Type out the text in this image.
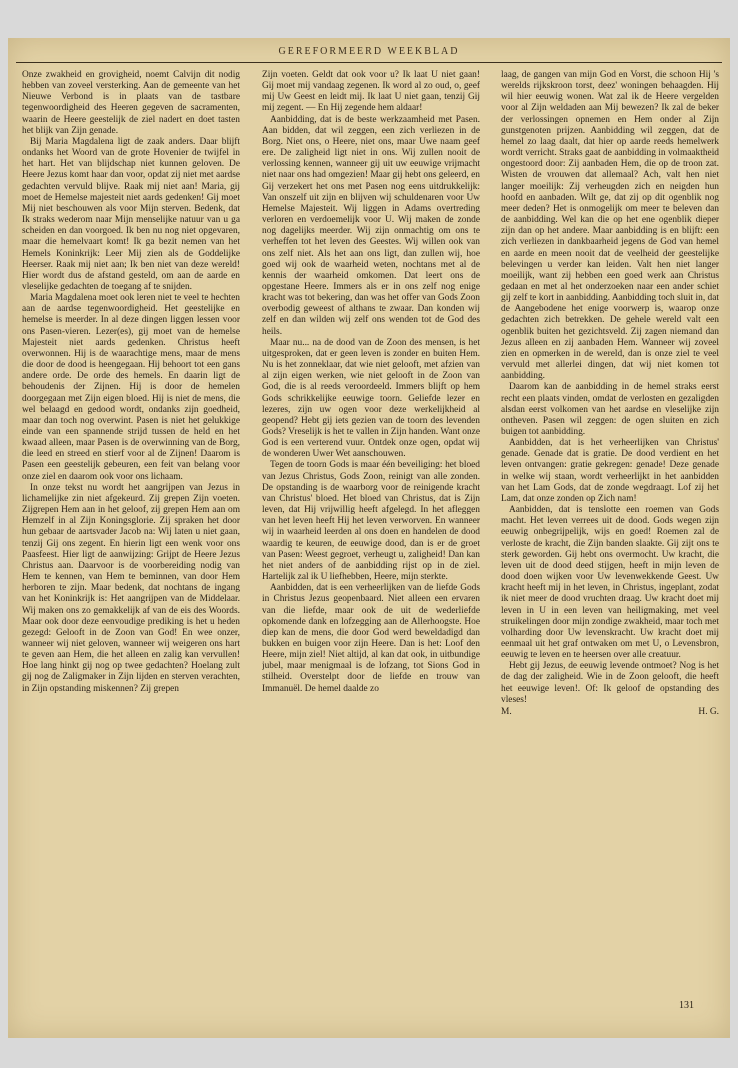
GEREFORMEERD WEEKBLAD

Onze zwakheid en grovigheid, noemt Calvijn dit nodig hebben van zoveel versterking. Aan de gemeente van het Nieuwe Verbond is in plaats van de tastbare tegenwoordigheid des Heeren gegeven de sacramenten, waarin de Heere geestelijk de ziel nadert en doet tasten het blijk van Zijn genade.

Bij Maria Magdalena ligt de zaak anders. Daar blijft ondanks het Woord van de grote Hovenier de twijfel in het hart. Het van blijdschap niet kunnen geloven. De Heere Jezus komt haar dan voor, opdat zij niet met aardse gedachten vervuld blijve. Raak mij niet aan! Maria, gij moet de Hemelse majesteit niet aards gedenken! Gij moet Mij niet beschouwen als voor Mijn sterven. Bedenk, dat Ik straks wederom naar Mijn menselijke natuur van u ga scheiden en dan voorgoed. Ik ben nu nog niet opgevaren, maar die hemelvaart komt! Ik ga bezit nemen van het Hemels Koninkrijk: Leer Mij zien als de Goddelijke Heerser. Raak mij niet aan; Ik ben niet van deze wereld! Hier wordt dus de afstand gesteld, om aan de aarde en vleselijke gedachten de toegang af te snijden.

Maria Magdalena moet ook leren niet te veel te hechten aan de aardse tegenwoordigheid. Het geestelijke en hemelse is meerder. In al deze dingen liggen lessen voor ons Pasen-vieren. Lezer(es), gij moet van de hemelse Majesteit niet aards gedenken. Christus heeft overwonnen. Hij is de waarachtige mens, maar de mens die door de dood is heengegaan. Hij behoort tot een gans andere orde. De orde des hemels. En daarin ligt de behoudenis der Zijnen. Hij is door de hemelen doorgegaan met Zijn eigen bloed. Hij is niet de mens, die wel belaagd en gedood wordt, ondanks zijn goedheid, maar dan toch nog overwint. Pasen is niet het gelukkige einde van een spannende strijd tussen de held en het kwaad alleen, maar Pasen is de overwinning van de Borg, die leed en streed en stierf voor al de Zijnen! Daarom is Pasen een geestelijk gebeuren, een feit van belang voor onze ziel en daarom ook voor ons lichaam.

In onze tekst nu wordt het aangrijpen van Jezus in lichamelijke zin niet afgekeurd. Zij grepen Zijn voeten. Zijgrepen Hem aan in het geloof, zij grepen Hem aan om Hemzelf in al Zijn Koningsglorie. Zij spraken het door hun gebaar de aartsvader Jacob na: Wij laten u niet gaan, tenzij Gij ons zegent. En hierin ligt een wenk voor ons Paasfeest. Hier ligt de aanwijzing: Grijpt de Heere Jezus Christus aan. Daarvoor is de voorbereiding nodig van Hem te kennen, van Hem te beminnen, van door Hem herboren te zijn. Maar bedenk, dat nochtans de ingang van het Koninkrijk is: Het aangrijpen van de Middelaar. Wij maken ons zo gemakkelijk af van de eis des Woords. Maar ook door deze eenvoudige prediking is het u heden gezegd: Gelooft in de Zoon van God! En wee onzer, wanneer wij niet geloven, wanneer wij weigeren ons hart te geven aan Hem, die het alleen en zalig kan vervullen! Hoe lang hinkt gij nog op twee gedachten? Hoelang zult gij nog de Zaligmaker in Zijn lijden en sterven verachten, in Zijn opstanding miskennen? Zij grepen

Zijn voeten. Geldt dat ook voor u? Ik laat U niet gaan! Gij moet mij vandaag zegenen. Ik word al zo oud, o, geef mij Uw Geest en leidt mij. Ik laat U niet gaan, tenzij Gij mij zegent. — En Hij zegende hem aldaar!

Aanbidding, dat is de beste werkzaamheid met Pasen. Aan bidden, dat wil zeggen, een zich verliezen in de Borg. Niet ons, o Heere, niet ons, maar Uwe naam geef ere. De zaligheid ligt niet in ons. Wij zullen nooit de verlossing kennen, wanneer gij uit uw eeuwige vrijmacht niet naar ons had omgezien! Maar gij hebt ons geleerd, en Gij verzekert het ons met Pasen nog eens uitdrukkelijk: Van onszelf uit zijn en blijven wij schuldenaren voor Uw Hemelse Majesteit. Wij liggen in Adams overtreding verloren en verdoemelijk voor U. Wij maken de zonde nog dagelijks meerder. Wij zijn onmachtig om ons te verheffen tot het leven des Geestes. Wij willen ook van ons zelf niet. Als het aan ons ligt, dan zullen wij, hoe goed wij ook de waarheid weten, nochtans met al de kennis der waarheid omkomen. Dat leert ons de opgestane Heere. Immers als er in ons zelf nog enige kracht was tot bekering, dan was het offer van Gods Zoon overbodig geweest of althans te zwaar. Dan konden wij zelf en dan wilden wij zelf ons wenden tot de God des heils.

Maar nu... na de dood van de Zoon des mensen, is het uitgesproken, dat er geen leven is zonder en buiten Hem. Nu is het zonneklaar, dat wie niet gelooft, met afzien van al zijn eigen werken, wie niet gelooft in de Zoon van God, die is al reeds veroordeeld. Immers blijft op hem Gods schrikkelijke eeuwige toorn. Geliefde lezer en lezeres, zijn uw ogen voor deze werkelijkheid al geopend? Hebt gij iets gezien van de toorn des levenden Gods? Vreselijk is het te vallen in Zijn handen. Want onze God is een verterend vuur. Ontdek onze ogen, opdat wij de wonderen Uwer Wet aanschouwen.

Tegen de toorn Gods is maar één beveiliging: het bloed van Jezus Christus, Gods Zoon, reinigt van alle zonden. De opstanding is de waarborg voor de reinigende kracht van Christus' bloed. Het bloed van Christus, dat is Zijn leven, dat Hij vrijwillig heeft afgelegd. In het afleggen van het leven heeft Hij het leven verworven. En wanneer wij in waarheid leerden al ons doen en handelen de dood waardig te keuren, de eeuwige dood, dan is er de groet van Pasen: Weest gegroet, verheugt u, zaligheid! Dan kan het niet anders of de aanbidding rijst op in de ziel. Hartelijk zal ik U liefhebben, Heere, mijn sterkte.

Aanbidden, dat is een verheerlijken van de liefde Gods in Christus Jezus geopenbaard. Niet alleen een ervaren van die liefde, maar ook de uit de wederliefde opkomende dank en lofzegging aan de Allerhoogste. Hoe diep kan de mens, die door God werd beweldadigd dan bukken en buigen voor zijn Heere. Dan is het: Loof den Heere, mijn ziel! Niet altijd, al kan dat ook, in uitbundige jubel, maar menigmaal is de lofzang, tot Sions God in stilheid. Overstelpt door de liefde en trouw van Immanuël. De hemel daalde zo

laag, de gangen van mijn God en Vorst, die schoon Hij 's werelds rijkskroon torst, deez' woningen behaagden. Hij wil hier eeuwig wonen. Wat zal ik de Heere vergelden voor al Zijn weldaden aan Mij bewezen? Ik zal de beker der verlossingen opnemen en Hem onder al Zijn gunstgenoten prijzen. Aanbidding wil zeggen, dat de hemel zo laag daalt, dat hier op aarde reeds hemelwerk wordt verricht. Straks gaat de aanbidding in volmaaktheid ongestoord door: Zij aanbaden Hem, die op de troon zat. Wisten de vrouwen dat allemaal? Ach, valt hen niet langer moeilijk: Zij verheugden zich en neigden hun hoofd en aanbaden. Wilt ge, dat zij op dit ogenblik nog meer deden? Het is onmogelijk om meer te beleven dan de aanbidding. Wel kan die op het ene ogenblik dieper zijn dan op het andere. Maar aanbidding is en blijft: een zich verliezen in dankbaarheid jegens de God van hemel en aarde en meen nooit dat de veelheid der geestelijke belevingen u verder kan leiden. Valt hen niet langer moeilijk, want zij hebben een goed werk aan Christus gedaan en met al het onderzoeken naar een ander schiet gij zelf te kort in aanbidding. Aanbidding toch sluit in, dat de Aangebodene het enige voorwerp is, waarop onze gedachten zich betrekken. De gehele wereld valt een ogenblik buiten het gezichtsveld. Zij zagen niemand dan Jezus alleen en zij aanbaden Hem. Wanneer wij zoveel zien en opmerken in de wereld, dan is onze ziel te veel vervuld met allerlei dingen, dat wij niet komen tot aanbidding.

Daarom kan de aanbidding in de hemel straks eerst recht een plaats vinden, omdat de verlosten en gezaligden alsdan eerst volkomen van het aardse en vleselijke zijn ontheven. Pasen wil zeggen: de ogen sluiten en zich buigen tot aanbidding.

Aanbidden, dat is het verheerlijken van Christus' genade. Genade dat is gratie. De dood verdient en het leven ontvangen: gratie gekregen: genade! Deze genade in welke wij staan, wordt verheerlijkt in het aanbidden van het Lam Gods, dat de zonde wegdraagt. Lof zij het Lam, dat onze zonden op Zich nam!

Aanbidden, dat is tenslotte een roemen van Gods macht. Het leven verrees uit de dood. Gods wegen zijn eeuwig onbegrijpelijk, wijs en goed! Roemen zal de verloste de kracht, die Zijn banden slaakte. Gij zijt ons te sterk geworden. Gij hebt ons overmocht. Uw kracht, die leven uit de dood deed stijgen, heeft in mijn leven de dood doen wijken voor Uw levenwekkende Geest. Uw kracht heeft mij in het leven, in Christus, ingeplant, zodat ik niet meer de dood vruchten draag. Uw kracht doet mij leven in U in een leven van heiligmaking, met veel struikelingen door mijn zondige zwakheid, maar toch met volharding door Uw levenskracht. Uw kracht doet mij eenmaal uit het graf ontwaken om met U, o Levensbron, eeuwig te leven en te heersen over alle creatuur.

Hebt gij Jezus, de eeuwig levende ontmoet? Nog is het de dag der zaligheid. Wie in de Zoon gelooft, die heeft het eeuwige leven!. Of: Ik geloof de opstanding des vleses!

M.	H. G.
131
